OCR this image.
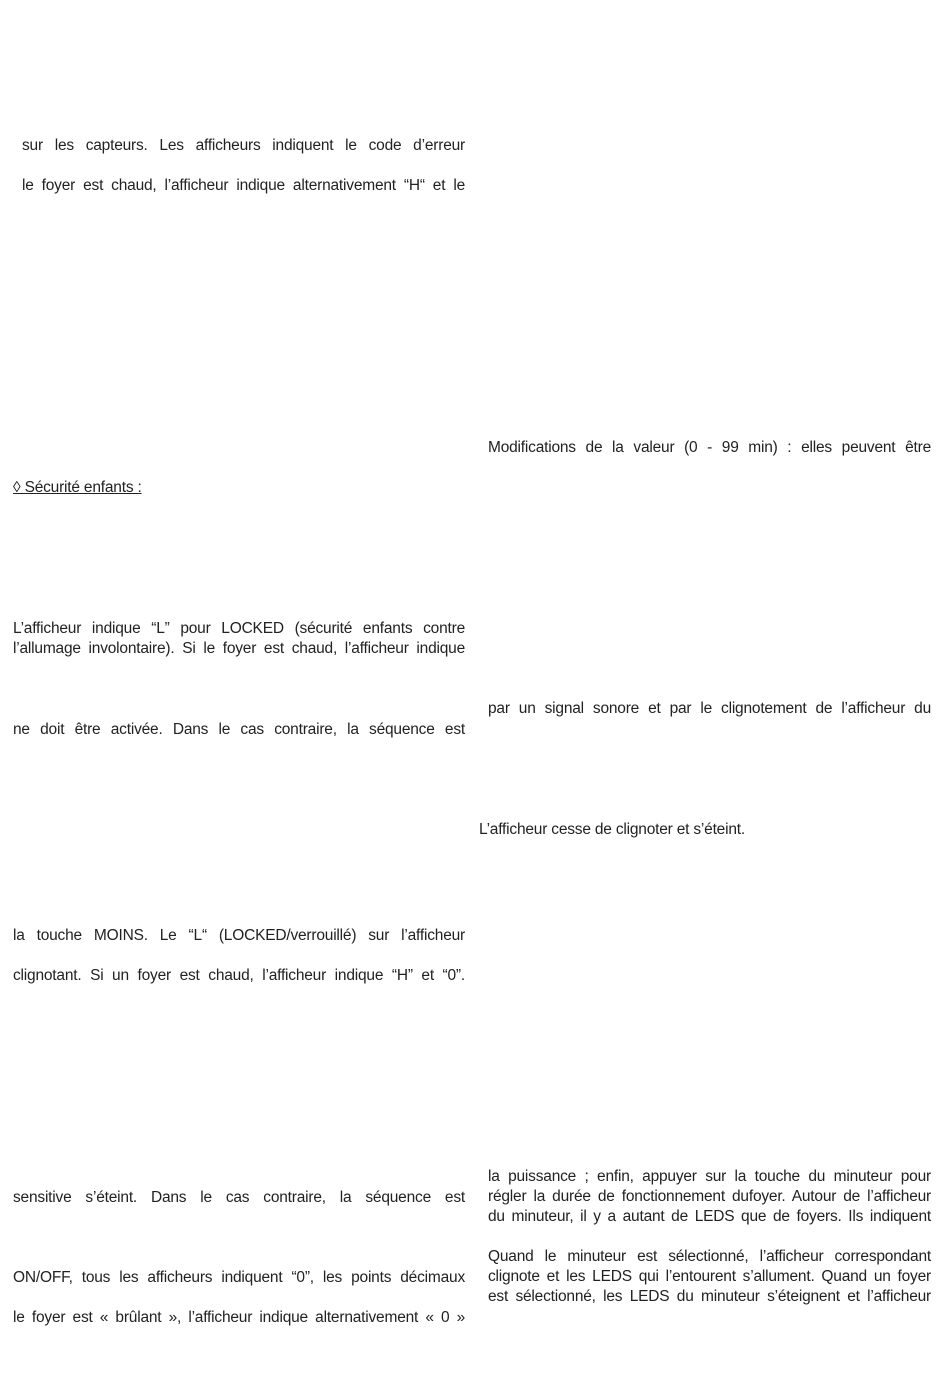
sur les capteurs. Les afficheurs indiquent le code d’erreur
le foyer est chaud, l’afficheur indique alternativement “H“ et le
◊ Sécurité enfants :
L’afficheur indique “L” pour LOCKED (sécurité enfants contre
l’allumage involontaire). Si le foyer est chaud, l’afficheur indique
ne doit être activée. Dans le cas contraire, la séquence est
la touche MOINS. Le “L“ (LOCKED/verrouillé) sur l’afficheur
clignotant. Si un foyer est chaud, l’afficheur indique “H” et “0”.
sensitive s’éteint. Dans le cas contraire, la séquence est
ON/OFF, tous les afficheurs indiquent “0”, les points décimaux
le foyer est « brûlant », l’afficheur indique alternativement « 0 »
Modifications de la valeur (0 - 99 min) : elles peuvent être
par un signal sonore et par le clignotement de l’afficheur du
L’afficheur cesse de clignoter et s’éteint.
la puissance ; enfin, appuyer sur la touche du minuteur pour
régler la durée de fonctionnement dufoyer. Autour de l’afficheur
du minuteur, il y a autant de LEDS que de foyers. Ils indiquent
Quand le minuteur est sélectionné, l’afficheur correspondant
clignote et les LEDS qui l’entourent s’allument. Quand un foyer
est sélectionné, les LEDS du minuteur s’éteignent et l’afficheur
